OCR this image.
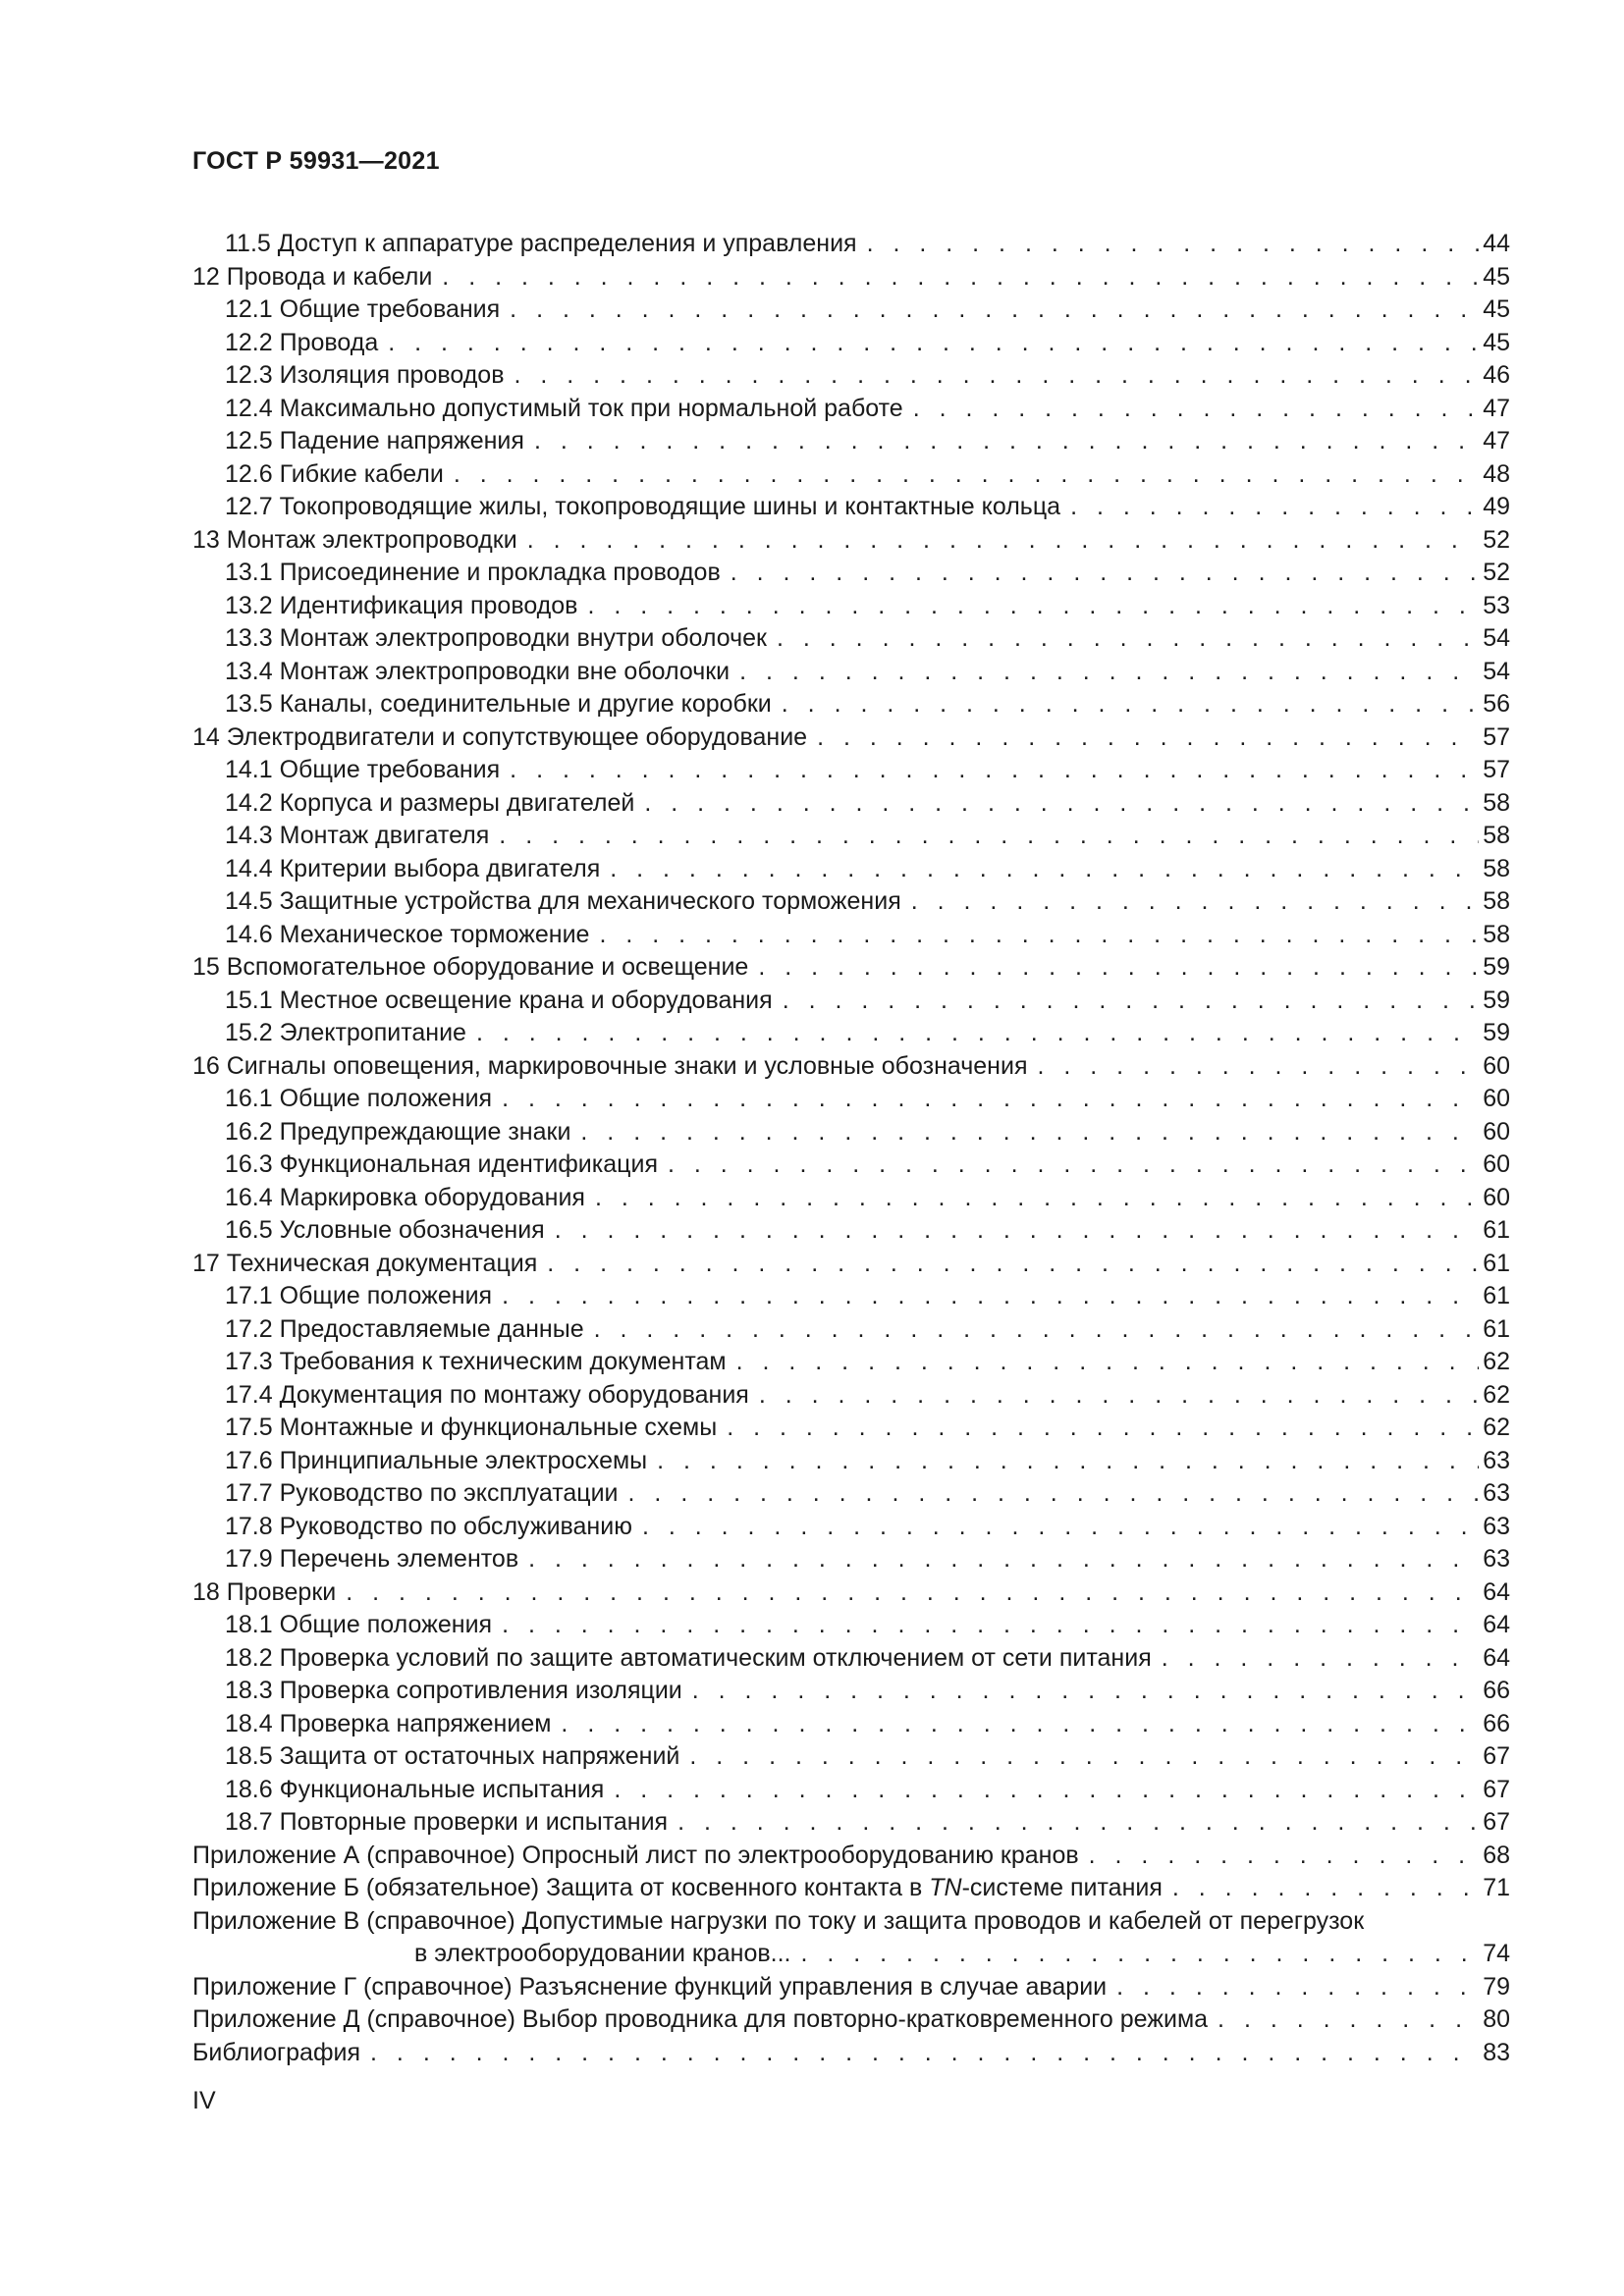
ГОСТ Р 59931—2021
11.5 Доступ к аппаратуре распределения и управления . . .	44
12 Провода и кабели . . .	45
12.1 Общие требования . . .	45
12.2 Провода . . .	45
12.3 Изоляция проводов . . .	46
12.4 Максимально допустимый ток при нормальной работе . . .	47
12.5 Падение напряжения . . .	47
12.6 Гибкие кабели . . .	48
12.7 Токопроводящие жилы, токопроводящие шины и контактные кольца . . .	49
13 Монтаж электропроводки . . .	52
13.1 Присоединение и прокладка проводов . . .	52
13.2 Идентификация проводов . . .	53
13.3 Монтаж электропроводки внутри оболочек . . .	54
13.4 Монтаж электропроводки вне оболочки . . .	54
13.5 Каналы, соединительные и другие коробки . . .	56
14 Электродвигатели и сопутствующее оборудование . . .	57
14.1 Общие требования . . .	57
14.2 Корпуса и размеры двигателей . . .	58
14.3 Монтаж двигателя . . .	58
14.4 Критерии выбора двигателя . . .	58
14.5 Защитные устройства для механического торможения . . .	58
14.6 Механическое торможение . . .	58
15 Вспомогательное оборудование и освещение . . .	59
15.1 Местное освещение крана и оборудования . . .	59
15.2 Электропитание . . .	59
16 Сигналы оповещения, маркировочные знаки и условные обозначения . . .	60
16.1 Общие положения . . .	60
16.2 Предупреждающие знаки . . .	60
16.3 Функциональная идентификация . . .	60
16.4 Маркировка оборудования . . .	60
16.5 Условные обозначения . . .	61
17 Техническая документация . . .	61
17.1 Общие положения . . .	61
17.2 Предоставляемые данные . . .	61
17.3 Требования к техническим документам . . .	62
17.4 Документация по монтажу оборудования . . .	62
17.5 Монтажные и функциональные схемы . . .	62
17.6 Принципиальные электросхемы . . .	63
17.7 Руководство по эксплуатации . . .	63
17.8 Руководство по обслуживанию . . .	63
17.9 Перечень элементов . . .	63
18 Проверки . . .	64
18.1 Общие положения . . .	64
18.2 Проверка условий по защите автоматическим отключением от сети питания . . .	64
18.3 Проверка сопротивления изоляции . . .	66
18.4 Проверка напряжением . . .	66
18.5 Защита от остаточных напряжений . . .	67
18.6 Функциональные испытания . . .	67
18.7 Повторные проверки и испытания . . .	67
Приложение А (справочное) Опросный лист по электрооборудованию кранов . . .	68
Приложение Б (обязательное) Защита от косвенного контакта в TN-системе питания . . .	71
Приложение В (справочное) Допустимые нагрузки по току и защита проводов и кабелей от перегрузок
в электрооборудовании кранов... . . .	74
Приложение Г (справочное) Разъяснение функций управления в случае аварии . . .	79
Приложение Д (справочное) Выбор проводника для повторно-кратковременного режима . . .	80
Библиография . . .	83
IV
